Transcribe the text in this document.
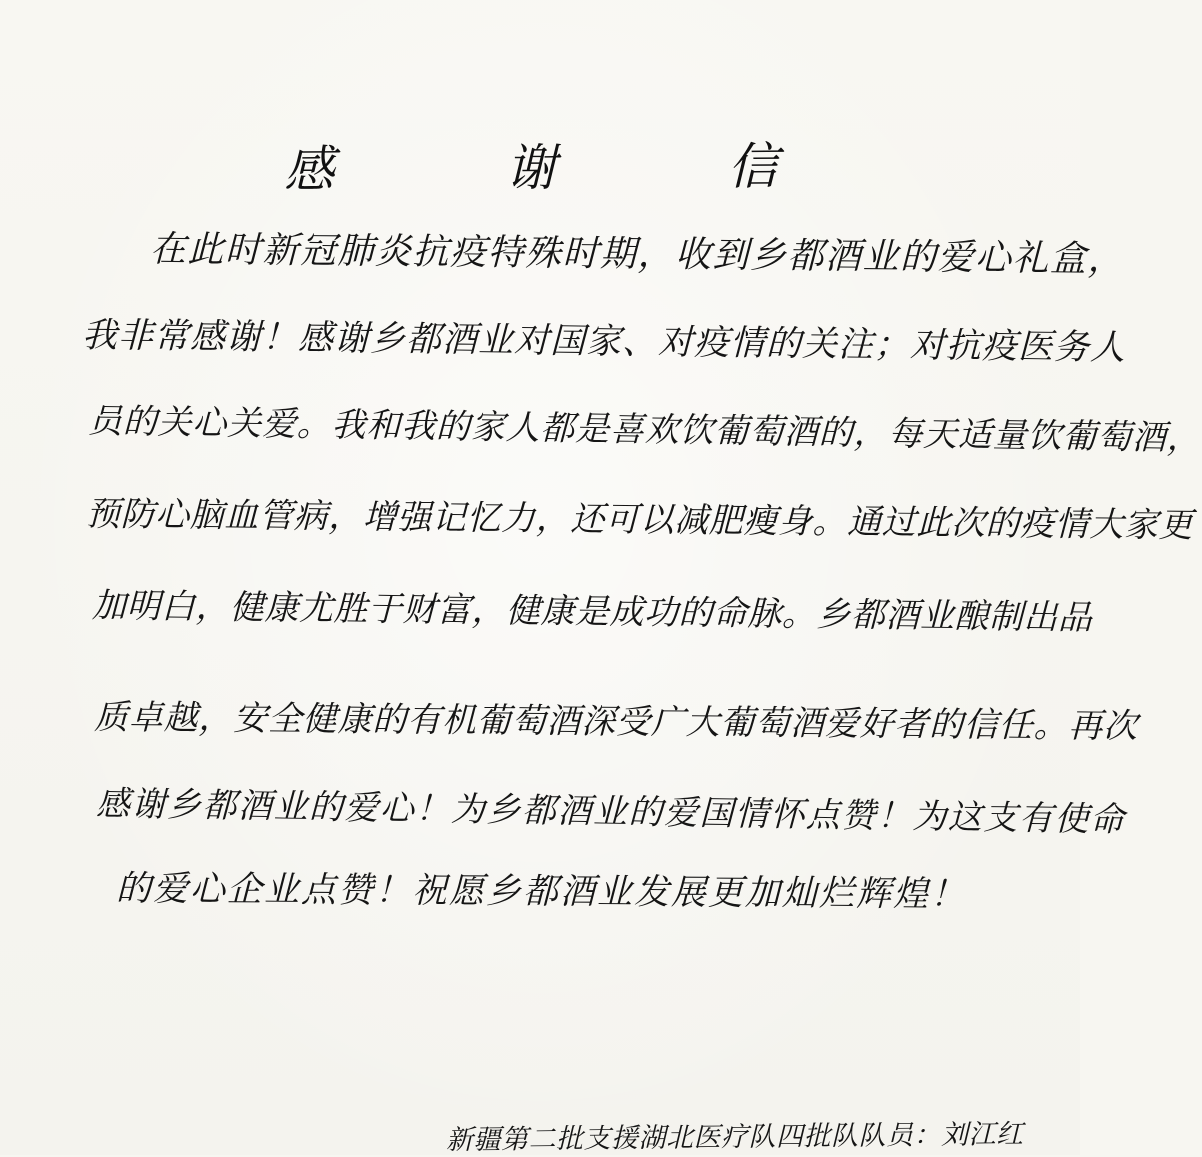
感 谢 信
在此时新冠肺炎抗疫特殊时期，收到乡都酒业的爱心礼盒，
我非常感谢！感谢乡都酒业对国家、对疫情的关注；对抗疫医务人
员的关心关爱。我和我的家人都是喜欢饮葡萄酒的，每天适量饮葡萄酒，
预防心脑血管病，增强记忆力，还可以减肥瘦身。通过此次的疫情大家更
加明白，健康尤胜于财富，健康是成功的命脉。乡都酒业酿制出品
质卓越，安全健康的有机葡萄酒深受广大葡萄酒爱好者的信任。再次
感谢乡都酒业的爱心！为乡都酒业的爱国情怀点赞！为这支有使命
的爱心企业点赞！祝愿乡都酒业发展更加灿烂辉煌！
新疆第二批支援湖北医疗队四批队队员：刘江红
